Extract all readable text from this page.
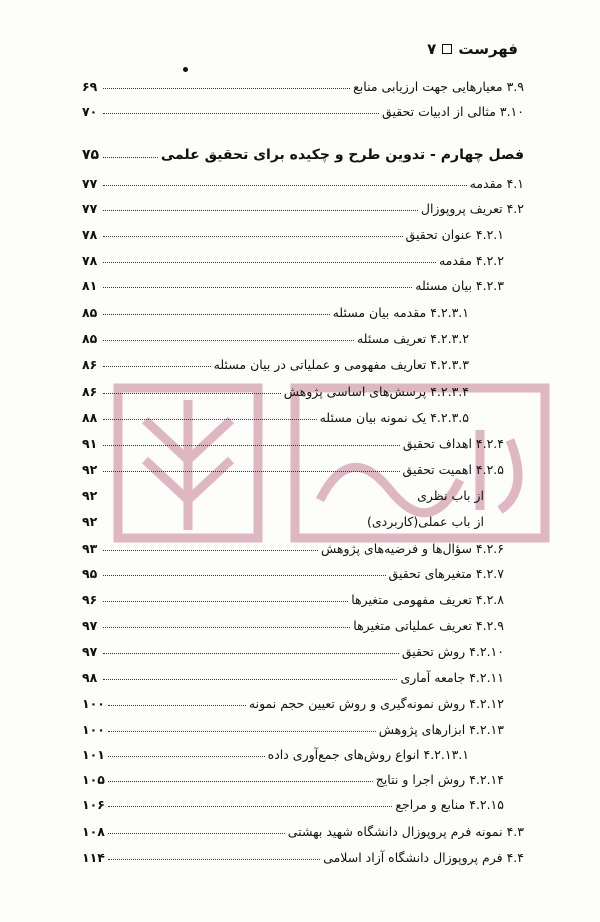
فهرست
۷
۳.۹ معیارهایی جهت ارزیابی منابع
۶۹
۳.۱۰ مثالی از ادبیات تحقیق
۷۰
فصل چهارم - تدوین طرح و چکیده برای تحقیق علمی
۷۵
۴.۱ مقدمه
۷۷
۴.۲ تعریف پروپوزال
۷۷
۴.۲.۱ عنوان تحقیق
۷۸
۴.۲.۲ مقدمه
۷۸
۴.۲.۳ بیان مسئله
۸۱
۴.۲.۳.۱ مقدمه بیان مسئله
۸۵
۴.۲.۳.۲ تعریف مسئله
۸۵
۴.۲.۳.۳ تعاریف مفهومی و عملیاتی در بیان مسئله
۸۶
۴.۲.۳.۴ پرسش‌های اساسی پژوهش
۸۶
۴.۲.۳.۵ یک نمونه بیان مسئله
۸۸
۴.۲.۴ اهداف تحقیق
۹۱
۴.۲.۵ اهمیت تحقیق
۹۲
از باب نظری
۹۲
از باب عملی(کاربردی)
۹۲
۴.۲.۶ سؤال‌ها و فرضیه‌های پژوهش
۹۳
۴.۲.۷ متغیرهای تحقیق
۹۵
۴.۲.۸ تعریف مفهومی متغیرها
۹۶
۴.۲.۹ تعریف عملیاتی متغیرها
۹۷
۴.۲.۱۰ روش تحقیق
۹۷
۴.۲.۱۱ جامعه آماری
۹۸
۴.۲.۱۲ روش نمونه‌گیری و روش تعیین حجم نمونه
۱۰۰
۴.۲.۱۳ ابزارهای پژوهش
۱۰۰
۴.۲.۱۳.۱ انواع روش‌های جمع‌آوری داده
۱۰۱
۴.۲.۱۴ روش اجرا و نتایج
۱۰۵
۴.۲.۱۵ منابع و مراجع
۱۰۶
۴.۳ نمونه فرم پروپوزال دانشگاه شهید بهشتی
۱۰۸
۴.۴ فرم پروپوزال دانشگاه آزاد اسلامی
۱۱۴
